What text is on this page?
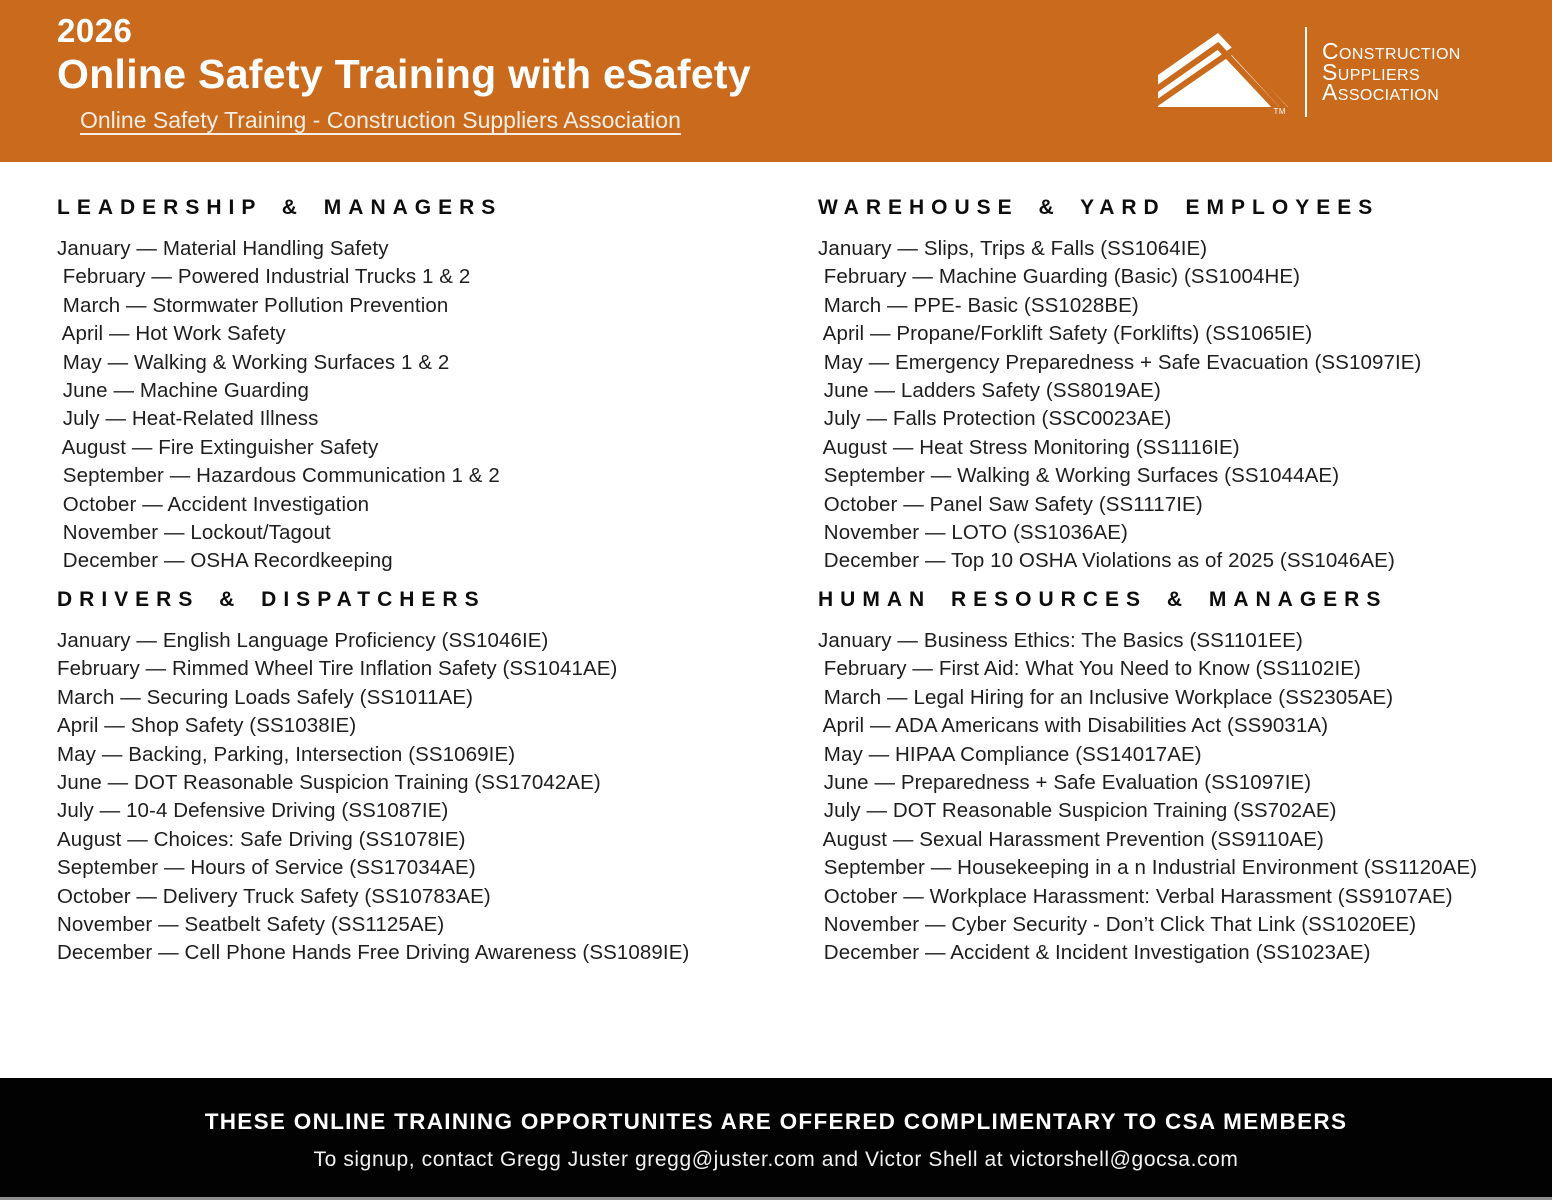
2026
Online Safety Training with eSafety
Online Safety Training - Construction Suppliers Association	TM
Construction
Suppliers
Association
LEADERSHIP & MANAGERS
January — Material Handling Safety
February — Powered Industrial Trucks 1 & 2
March — Stormwater Pollution Prevention
April — Hot Work Safety
May — Walking & Working Surfaces 1 & 2
June — Machine Guarding
July — Heat-Related Illness
August — Fire Extinguisher Safety
September — Hazardous Communication 1 & 2
October — Accident Investigation
November — Lockout/Tagout
December — OSHA Recordkeeping
WAREHOUSE & YARD EMPLOYEES
January — Slips, Trips & Falls (SS1064IE)
February — Machine Guarding (Basic) (SS1004HE)
March — PPE- Basic (SS1028BE)
April — Propane/Forklift Safety (Forklifts) (SS1065IE)
May — Emergency Preparedness + Safe Evacuation (SS1097IE)
June — Ladders Safety (SS8019AE)
July — Falls Protection (SSC0023AE)
August — Heat Stress Monitoring (SS1116IE)
September — Walking & Working Surfaces (SS1044AE)
October — Panel Saw Safety (SS1117IE)
November — LOTO (SS1036AE)
December — Top 10 OSHA Violations as of 2025 (SS1046AE)
DRIVERS & DISPATCHERS
January — English Language Proficiency (SS1046IE)
February — Rimmed Wheel Tire Inflation Safety (SS1041AE)
March — Securing Loads Safely (SS1011AE)
April — Shop Safety (SS1038IE)
May — Backing, Parking, Intersection (SS1069IE)
June — DOT Reasonable Suspicion Training (SS17042AE)
July — 10-4 Defensive Driving (SS1087IE)
August — Choices: Safe Driving (SS1078IE)
September — Hours of Service (SS17034AE)
October — Delivery Truck Safety (SS10783AE)
November — Seatbelt Safety (SS1125AE)
December — Cell Phone Hands Free Driving Awareness (SS1089IE)
HUMAN RESOURCES & MANAGERS
January — Business Ethics: The Basics (SS1101EE)
February — First Aid: What You Need to Know (SS1102IE)
March — Legal Hiring for an Inclusive Workplace (SS2305AE)
April — ADA Americans with Disabilities Act (SS9031A)
May — HIPAA Compliance (SS14017AE)
June — Preparedness + Safe Evaluation (SS1097IE)
July — DOT Reasonable Suspicion Training (SS702AE)
August — Sexual Harassment Prevention (SS9110AE)
September — Housekeeping in a n Industrial Environment (SS1120AE)
October — Workplace Harassment: Verbal Harassment (SS9107AE)
November — Cyber Security - Don’t Click That Link (SS1020EE)
December — Accident & Incident Investigation (SS1023AE)
THESE ONLINE TRAINING OPPORTUNITES ARE OFFERED COMPLIMENTARY TO CSA MEMBERS
To signup, contact Gregg Juster gregg@juster.com and Victor Shell at victorshell@gocsa.com
